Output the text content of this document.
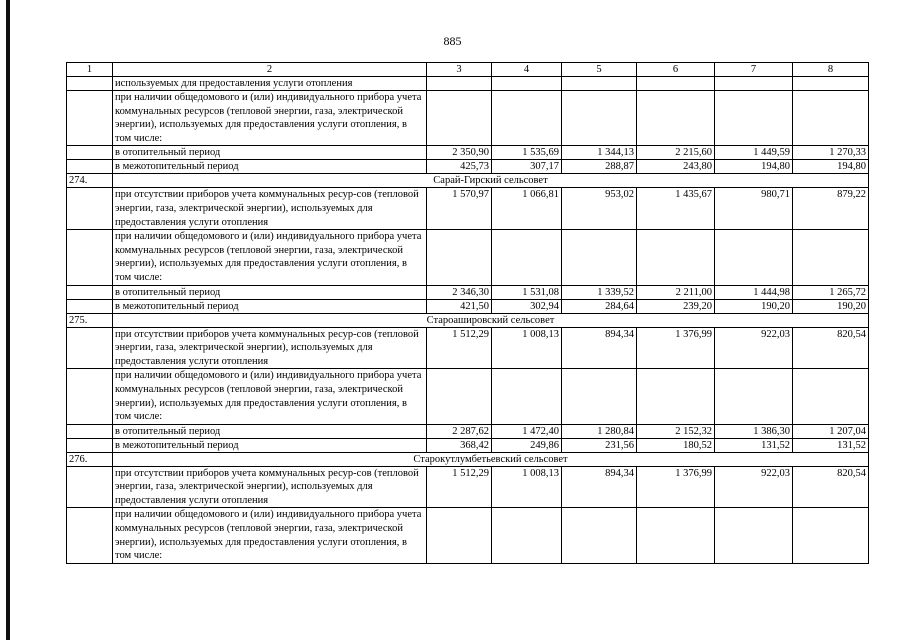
885
1	2	3	4	5	6	7	8
	используемых для предоставления услуги отопления						
	при наличии общедомового и (или) индивидуального прибора учета коммунальных ресурсов (тепловой энергии, газа, электрической энергии), используемых для предоставления услуги отопления, в том числе:						
	в отопительный период	2 350,90	1 535,69	1 344,13	2 215,60	1 449,59	1 270,33
	в межотопительный период	425,73	307,17	288,87	243,80	194,80	194,80
274.	Сарай-Гирский сельсовет						
	при отсутствии приборов учета коммунальных ресур-сов (тепловой энергии, газа, электрической энергии), используемых для предоставления услуги отопления	1 570,97	1 066,81	953,02	1 435,67	980,71	879,22
	при наличии общедомового и (или) индивидуального прибора учета коммунальных ресурсов (тепловой энергии, газа, электрической энергии), используемых для предоставления услуги отопления, в том числе:						
	в отопительный период	2 346,30	1 531,08	1 339,52	2 211,00	1 444,98	1 265,72
	в межотопительный период	421,50	302,94	284,64	239,20	190,20	190,20
275.	Староашировский сельсовет						
	при отсутствии приборов учета коммунальных ресур-сов (тепловой энергии, газа, электрической энергии), используемых для предоставления услуги отопления	1 512,29	1 008,13	894,34	1 376,99	922,03	820,54
	при наличии общедомового и (или) индивидуального прибора учета коммунальных ресурсов (тепловой энергии, газа, электрической энергии), используемых для предоставления услуги отопления, в том числе:						
	в отопительный период	2 287,62	1 472,40	1 280,84	2 152,32	1 386,30	1 207,04
	в межотопительный период	368,42	249,86	231,56	180,52	131,52	131,52
276.	Старокутлумбетьевский сельсовет						
	при отсутствии приборов учета коммунальных ресур-сов (тепловой энергии, газа, электрической энергии), используемых для предоставления услуги отопления	1 512,29	1 008,13	894,34	1 376,99	922,03	820,54
	при наличии общедомового и (или) индивидуального прибора учета коммунальных ресурсов (тепловой энергии, газа, электрической энергии), используемых для предоставления услуги отопления, в том числе:						
